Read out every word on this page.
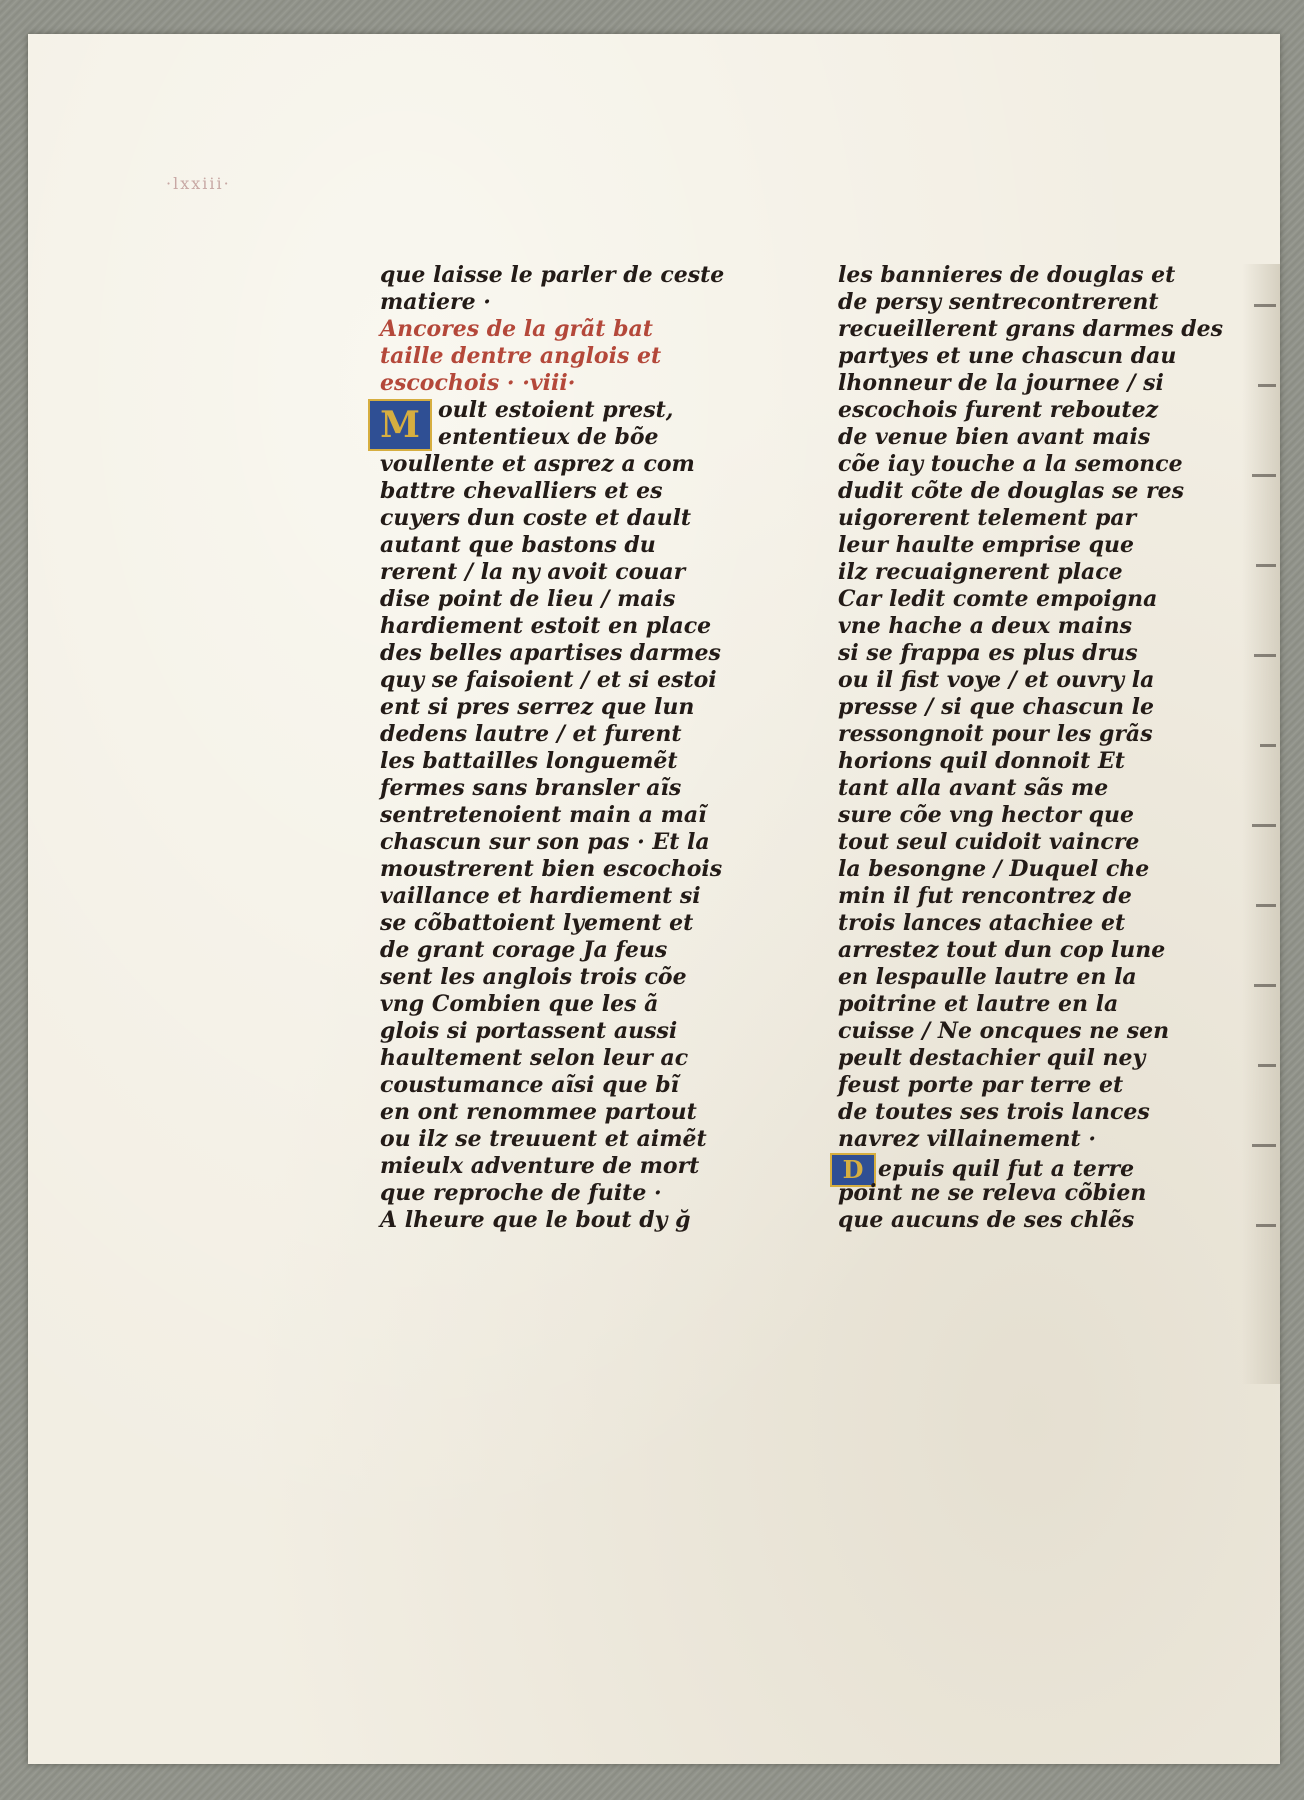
·lxxiii·
que laisse le parler de ceste
matiere ·
Ancores de la grãt bat
taille dentre anglois et
escochois · ·viii·
M oult estoient prest,
ententieux de bõe
voullente et asprez a com
battre chevalliers et es
cuyers dun coste et dault
autant que bastons du
rerent / la ny avoit couar
dise point de lieu / mais
hardiement estoit en place
des belles apartises darmes
quy se faisoient / et si estoi
ent si pres serrez que lun
dedens lautre / et furent
les battailles longuemẽt
fermes sans bransler aĩs
sentretenoient main a maĩ
chascun sur son pas · Et la
moustrerent bien escochois
vaillance et hardiement si
se cõbattoient lyement et
de grant corage Ja feus
sent les anglois trois cõe
vng Combien que les ã
glois si portassent aussi
haultement selon leur ac
coustumance aĩsi que bĩ
en ont renommee partout
ou ilz se treuuent et aimẽt
mieulx adventure de mort
que reproche de fuite ·
A lheure que le bout dy ğ
les bannieres de douglas et
de persy sentrecontrerent
recueillerent grans darmes des
partyes et une chascun dau
lhonneur de la journee / si
escochois furent reboutez
de venue bien avant mais
cõe iay touche a la semonce
dudit cõte de douglas se res
uigorerent telement par
leur haulte emprise que
ilz recuaignerent place
Car ledit comte empoigna
vne hache a deux mains
si se frappa es plus drus
ou il fist voye / et ouvry la
presse / si que chascun le
ressongnoit pour les grãs
horions quil donnoit Et
tant alla avant sãs me
sure cõe vng hector que
tout seul cuidoit vaincre
la besongne / Duquel che
min il fut rencontrez de
trois lances atachiee et
arrestez tout dun cop lune
en lespaulle lautre en la
poitrine et lautre en la
cuisse / Ne oncques ne sen
peult destachier quil ney
feust porte par terre et
de toutes ses trois lances
navrez villainement ·
D epuis quil fut a terre
point ne se releva cõbien
que aucuns de ses chlẽs
